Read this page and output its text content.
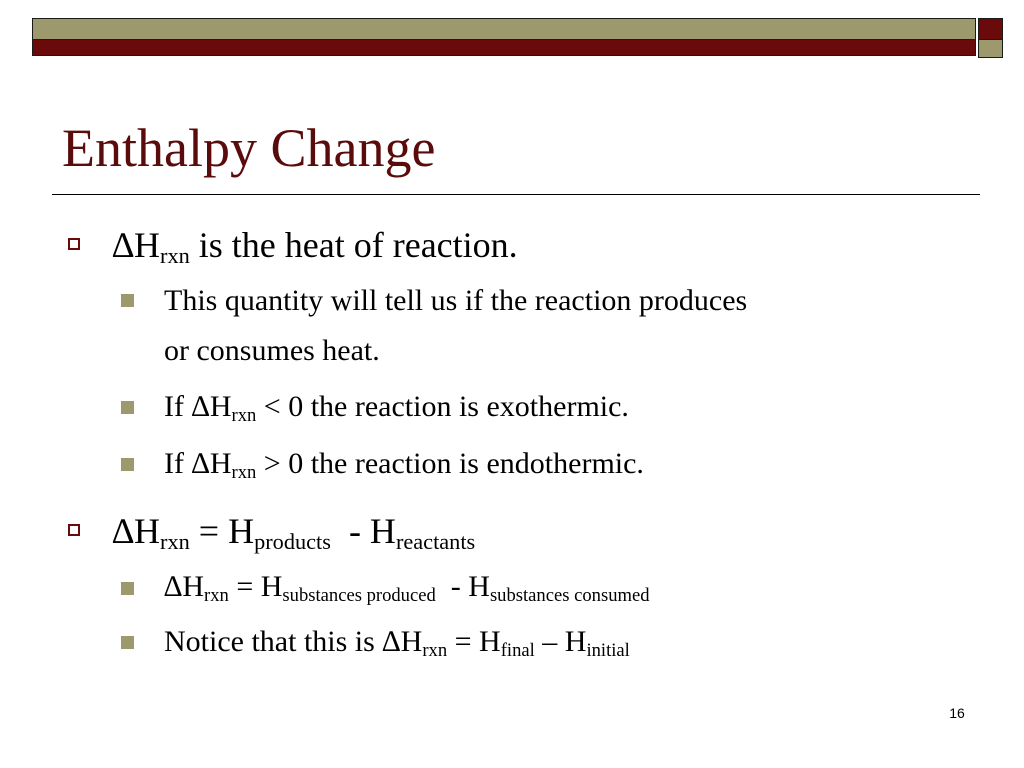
Enthalpy Change
$\Delta H_{rxn}$ is the heat of reaction.
This quantity will tell us if the reaction produces
or consumes heat.
If $\Delta H_{rxn} < 0$ the reaction is exothermic.
If $\Delta H_{rxn} > 0$ the reaction is endothermic.
$\Delta H_{rxn} = H_{products} - H_{reactants}$
$\Delta H_{rxn} = H_{substances produced} - H_{substances consumed}$
Notice that this is $\Delta H_{rxn} = H_{final} - H_{initial}$
16
